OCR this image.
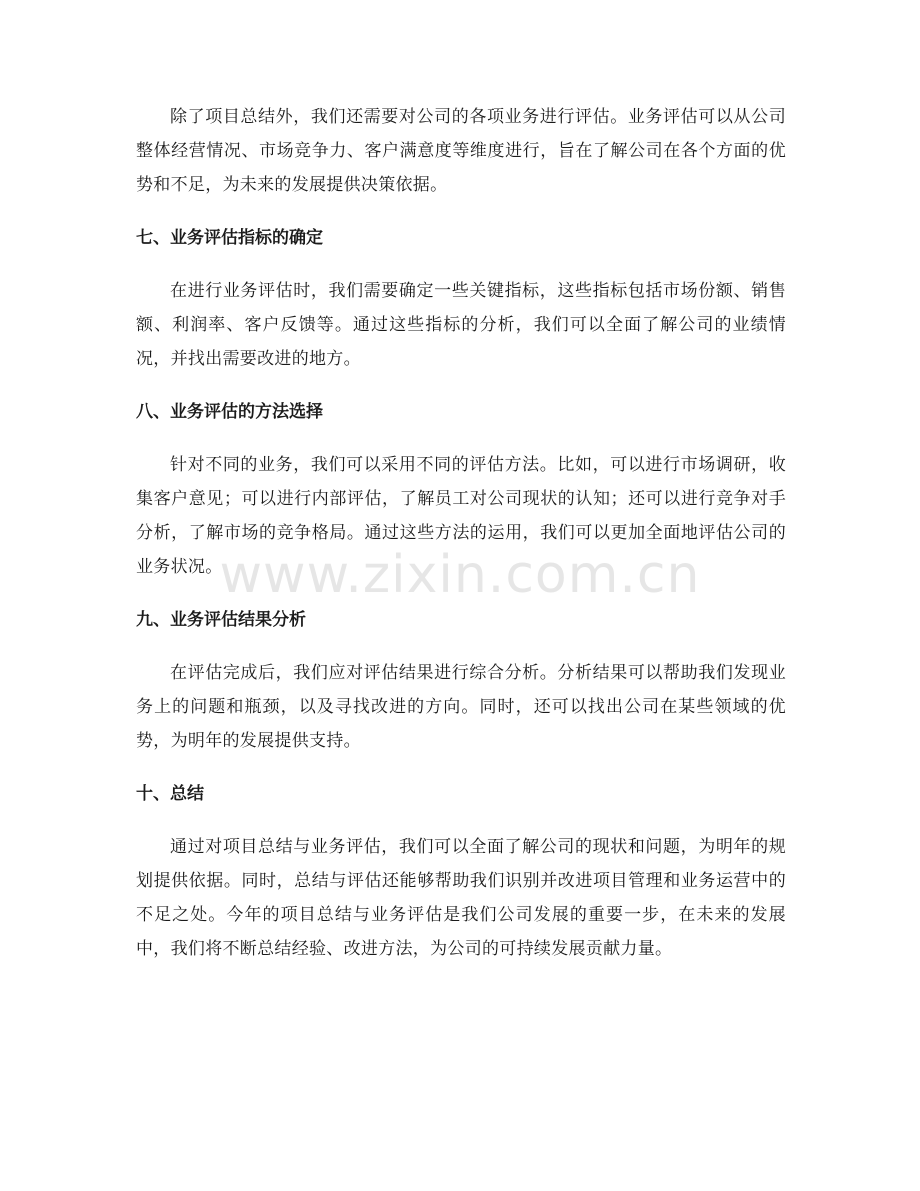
除了项目总结外，我们还需要对公司的各项业务进行评估。业务评估可以从公司整体经营情况、市场竞争力、客户满意度等维度进行，旨在了解公司在各个方面的优势和不足，为未来的发展提供决策依据。

七、业务评估指标的确定

在进行业务评估时，我们需要确定一些关键指标，这些指标包括市场份额、销售额、利润率、客户反馈等。通过这些指标的分析，我们可以全面了解公司的业绩情况，并找出需要改进的地方。

八、业务评估的方法选择

针对不同的业务，我们可以采用不同的评估方法。比如，可以进行市场调研，收集客户意见；可以进行内部评估，了解员工对公司现状的认知；还可以进行竞争对手分析，了解市场的竞争格局。通过这些方法的运用，我们可以更加全面地评估公司的业务状况。

九、业务评估结果分析

在评估完成后，我们应对评估结果进行综合分析。分析结果可以帮助我们发现业务上的问题和瓶颈，以及寻找改进的方向。同时，还可以找出公司在某些领域的优势，为明年的发展提供支持。

十、总结

通过对项目总结与业务评估，我们可以全面了解公司的现状和问题，为明年的规划提供依据。同时，总结与评估还能够帮助我们识别并改进项目管理和业务运营中的不足之处。今年的项目总结与业务评估是我们公司发展的重要一步，在未来的发展中，我们将不断总结经验、改进方法，为公司的可持续发展贡献力量。

www.zixin.com.cn
